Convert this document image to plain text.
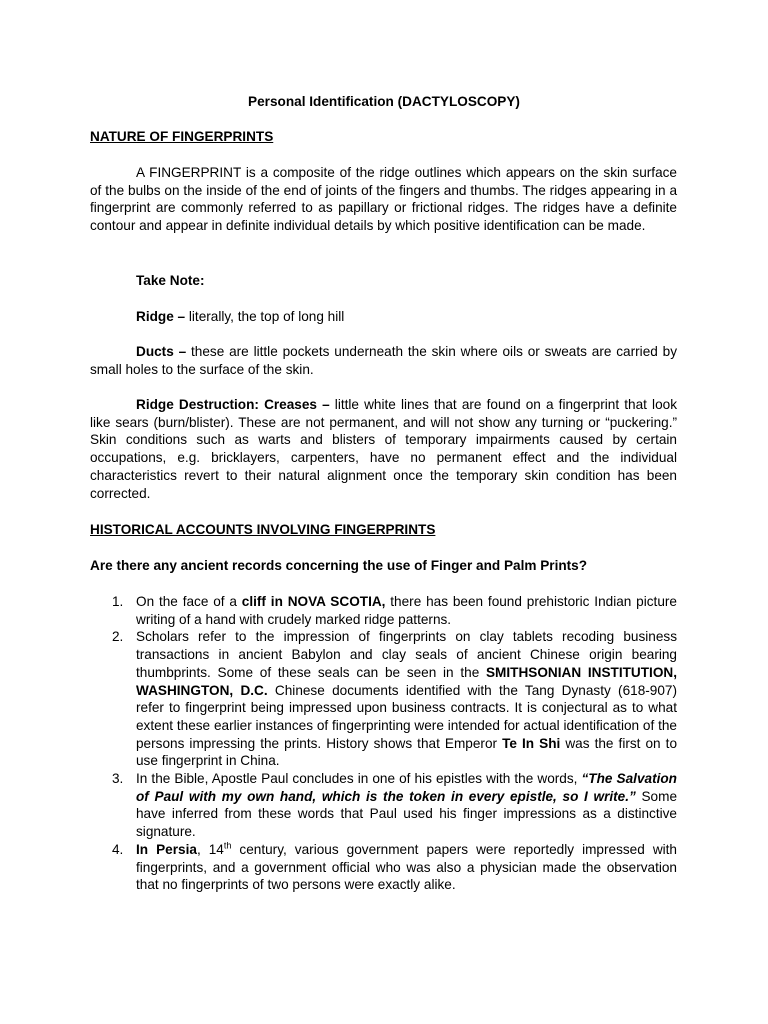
Personal Identification (DACTYLOSCOPY)
NATURE OF FINGERPRINTS

A FINGERPRINT is a composite of the ridge outlines which appears on the skin surface of the bulbs on the inside of the end of joints of the fingers and thumbs. The ridges appearing in a fingerprint are commonly referred to as papillary or frictional ridges. The ridges have a definite contour and appear in definite individual details by which positive identification can be made.

Take Note:

Ridge – literally, the top of long hill

Ducts – these are little pockets underneath the skin where oils or sweats are carried by small holes to the surface of the skin.

Ridge Destruction: Creases – little white lines that are found on a fingerprint that look like sears (burn/blister). These are not permanent, and will not show any turning or “puckering.” Skin conditions such as warts and blisters of temporary impairments caused by certain occupations, e.g. bricklayers, carpenters, have no permanent effect and the individual characteristics revert to their natural alignment once the temporary skin condition has been corrected.

HISTORICAL ACCOUNTS INVOLVING FINGERPRINTS
Are there any ancient records concerning the use of Finger and Palm Prints?
1. On the face of a cliff in NOVA SCOTIA, there has been found prehistoric Indian picture writing of a hand with crudely marked ridge patterns.
2. Scholars refer to the impression of fingerprints on clay tablets recoding business transactions in ancient Babylon and clay seals of ancient Chinese origin bearing thumbprints. Some of these seals can be seen in the SMITHSONIAN INSTITUTION, WASHINGTON, D.C. Chinese documents identified with the Tang Dynasty (618-907) refer to fingerprint being impressed upon business contracts. It is conjectural as to what extent these earlier instances of fingerprinting were intended for actual identification of the persons impressing the prints. History shows that Emperor Te In Shi was the first on to use fingerprint in China.
3. In the Bible, Apostle Paul concludes in one of his epistles with the words, “The Salvation of Paul with my own hand, which is the token in every epistle, so I write.” Some have inferred from these words that Paul used his finger impressions as a distinctive signature.
4. In Persia, 14th century, various government papers were reportedly impressed with fingerprints, and a government official who was also a physician made the observation that no fingerprints of two persons were exactly alike.
